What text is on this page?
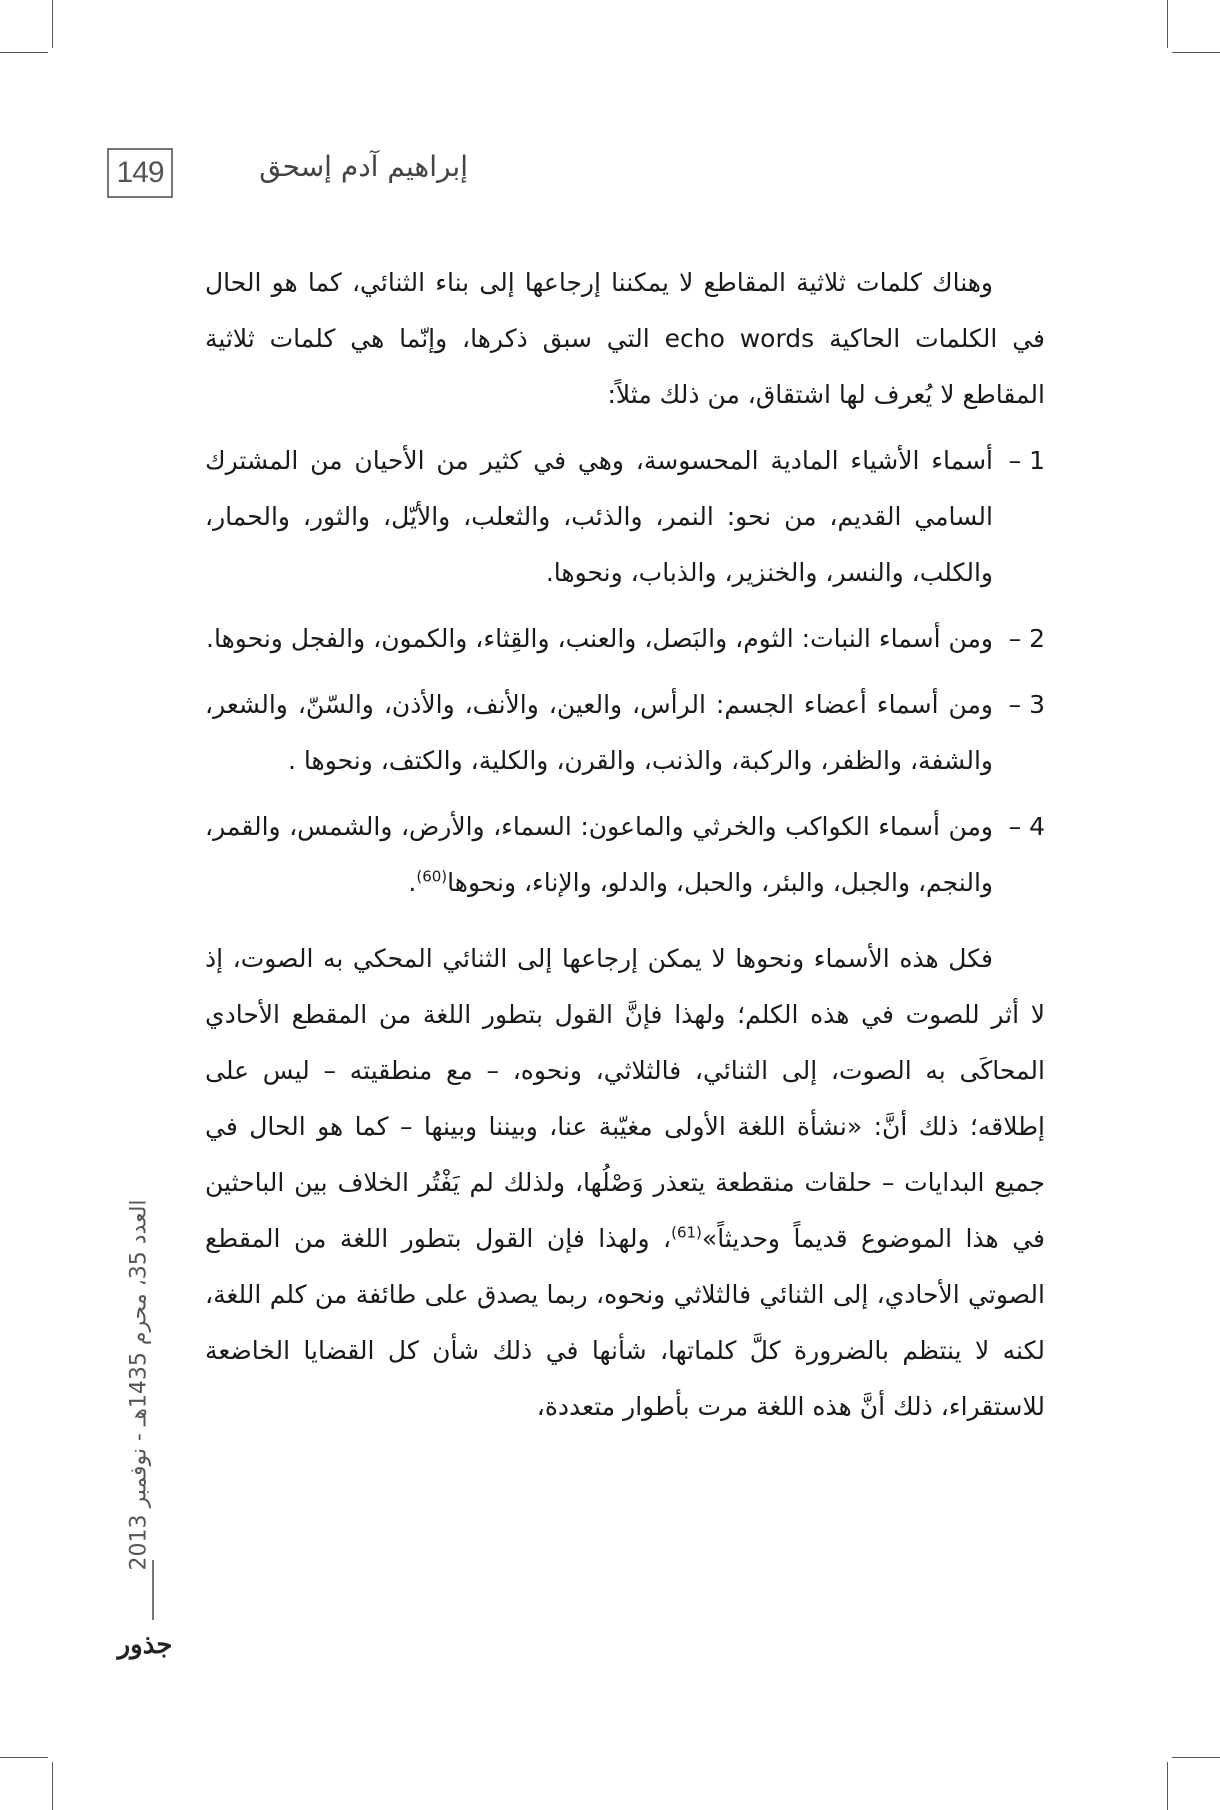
149	إبراهيم آدم إسحق

وهناك كلمات ثلاثية المقاطع لا يمكننا إرجاعها إلى بناء الثنائي، كما هو الحال في الكلمات الحاكية echo words التي سبق ذكرها، وإنّما هي كلمات ثلاثية المقاطع لا يُعرف لها اشتقاق، من ذلك مثلاً:

1 –
أسماء الأشياء المادية المحسوسة، وهي في كثير من الأحيان من المشترك السامي القديم، من نحو: النمر، والذئب، والثعلب، والأيّل، والثور، والحمار، والكلب، والنسر، والخنزير، والذباب، ونحوها.
2 –
ومن أسماء النبات: الثوم، والبَصل، والعنب، والقِثاء، والكمون، والفجل ونحوها.
3 –
ومن أسماء أعضاء الجسم: الرأس، والعين، والأنف، والأذن، والسّنّ، والشعر، والشفة، والظفر، والركبة، والذنب، والقرن، والكلية، والكتف، ونحوها .
4 –
ومن أسماء الكواكب والخرثي والماعون: السماء، والأرض، والشمس، والقمر، والنجم، والجبل، والبئر، والحبل، والدلو، والإناء، ونحوها$^{(60)}$.

فكل هذه الأسماء ونحوها لا يمكن إرجاعها إلى الثنائي المحكي به الصوت، إذ لا أثر للصوت في هذه الكلم؛ ولهذا فإنَّ القول بتطور اللغة من المقطع الأحادي المحاكَى به الصوت، إلى الثنائي، فالثلاثي، ونحوه، – مع منطقيته – ليس على إطلاقه؛ ذلك أنَّ: «نشأة اللغة الأولى مغيّبة عنا، وبيننا وبينها – كما هو الحال في جميع البدايات – حلقات منقطعة يتعذر وَصْلُها، ولذلك لم يَفْتُر الخلاف بين الباحثين في هذا الموضوع قديماً وحديثاً»$^{(61)}$، ولهذا فإن القول بتطور اللغة من المقطع الصوتي الأحادي، إلى الثنائي فالثلاثي ونحوه، ربما يصدق على طائفة من كلم اللغة، لكنه لا ينتظم بالضرورة كلَّ كلماتها، شأنها في ذلك شأن كل القضايا الخاضعة للاستقراء، ذلك أنَّ هذه اللغة مرت بأطوار متعددة،

العدد 35، محرم 1435هـ - نوفمبر 2013
جذور
